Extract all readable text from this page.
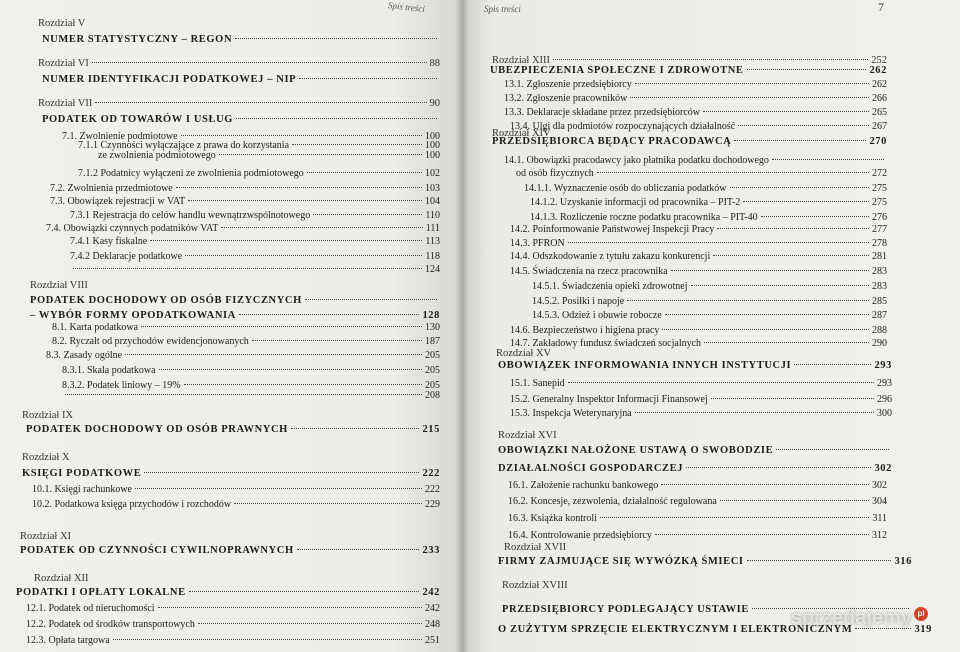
Spis treści
Rozdział V
NUMER STATYSTYCZNY – REGON
Rozdział VI	88
NUMER IDENTYFIKACJI PODATKOWEJ – NIP
Rozdział VII	90
PODATEK OD TOWARÓW I USŁUG
7.1. Zwolnienie podmiotowe	100
7.1.1 Czynności wyłączające z prawa do korzystania	100
ze zwolnienia podmiotowego	100
7.1.2 Podatnicy wyłączeni ze zwolnienia podmiotowego	102
7.2. Zwolnienia przedmiotowe	103
7.3. Obowiązek rejestracji w VAT	104
7.3.1 Rejestracja do celów handlu wewnątrzwspólnotowego	110
7.4. Obowiązki czynnych podatników VAT	111
7.4.1 Kasy fiskalne	113
7.4.2 Deklaracje podatkowe	118
124
Rozdział VIII
PODATEK DOCHODOWY OD OSÓB FIZYCZNYCH
– WYBÓR FORMY OPODATKOWANIA	128
8.1. Karta podatkowa	130
8.2. Ryczałt od przychodów ewidencjonowanych	187
8.3. Zasady ogólne	205
8.3.1. Skala podatkowa	205
8.3.2. Podatek liniowy – 19%	205
208
Rozdział IX
PODATEK DOCHODOWY OD OSÓB PRAWNYCH	215
Rozdział X
KSIĘGI PODATKOWE	222
10.1. Księgi rachunkowe	222
10.2. Podatkowa księga przychodów i rozchodów	229
Rozdział XI
PODATEK OD CZYNNOŚCI CYWILNOPRAWNYCH	233
Rozdział XII
PODATKI I OPŁATY LOKALNE	242
12.1. Podatek od nieruchomości	242
12.2. Podatek od środków transportowych	248
12.3. Opłata targowa	251
Spis treści	7
Rozdział XIII	252
UBEZPIECZENIA SPOŁECZNE I ZDROWOTNE	262
13.1. Zgłoszenie przedsiębiorcy	262
13.2. Zgłoszenie pracowników	266
13.3. Deklaracje składane przez przedsiębiorców	265
13.4. Ulgi dla podmiotów rozpoczynających działalność	267
Rozdział XIV
PRZEDSIĘBIORCA BĘDĄCY PRACODAWCĄ	270
14.1. Obowiązki pracodawcy jako płatnika podatku dochodowego
od osób fizycznych	272
14.1.1. Wyznaczenie osób do obliczania podatków	275
14.1.2. Uzyskanie informacji od pracownika – PIT-2	275
14.1.3. Rozliczenie roczne podatku pracownika – PIT-40	276
14.2. Poinformowanie Państwowej Inspekcji Pracy	277
14.3. PFRON	278
14.4. Odszkodowanie z tytułu zakazu konkurencji	281
14.5. Świadczenia na rzecz pracownika	283
14.5.1. Świadczenia opieki zdrowotnej	283
14.5.2. Posiłki i napoje	285
14.5.3. Odzież i obuwie robocze	287
14.6. Bezpieczeństwo i higiena pracy	288
14.7. Zakładowy fundusz świadczeń socjalnych	290
Rozdział XV
OBOWIĄZEK INFORMOWANIA INNYCH INSTYTUCJI	293
15.1. Sanepid	293
15.2. Generalny Inspektor Informacji Finansowej	296
15.3. Inspekcja Weterynaryjna	300
Rozdział XVI
OBOWIĄZKI NAŁOŻONE USTAWĄ O SWOBODZIE
DZIAŁALNOŚCI GOSPODARCZEJ	302
16.1. Założenie rachunku bankowego	302
16.2. Koncesje, zezwolenia, działalność regulowana	304
16.3. Książka kontroli	311
16.4. Kontrolowanie przedsiębiorcy	312
Rozdział XVII
FIRMY ZAJMUJĄCE SIĘ WYWÓZKĄ ŚMIECI	316
Rozdział XVIII
PRZEDSIĘBIORCY PODLEGAJĄCY USTAWIE
O ZUŻYTYM SPRZĘCIE ELEKTRYCZNYM I ELEKTRONICZNYM	319
sprzedajemy pl
